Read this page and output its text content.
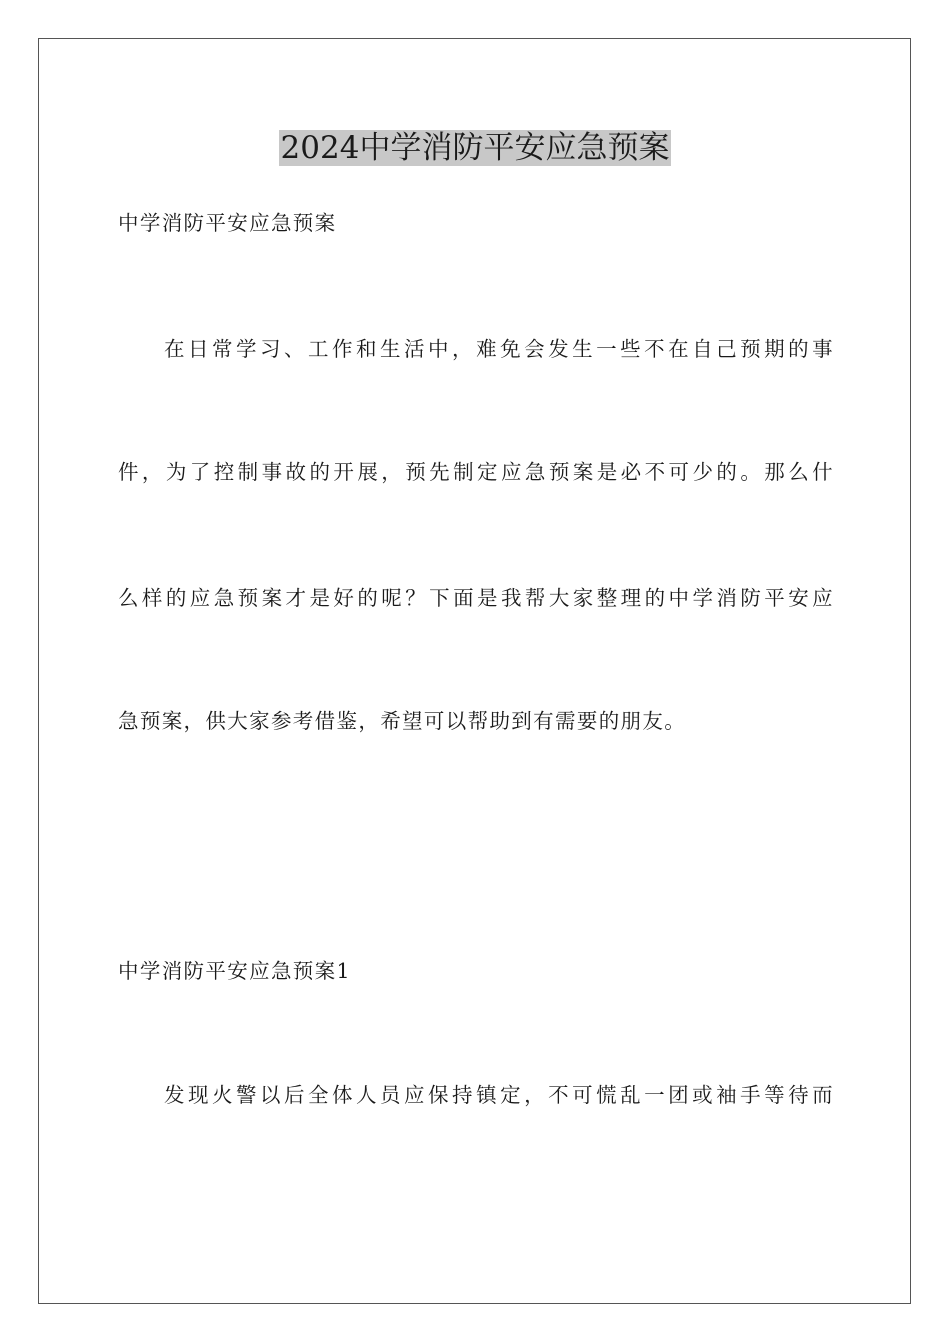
2024中学消防平安应急预案
中学消防平安应急预案
在日常学习、工作和生活中，难免会发生一些不在自己预期的事
件，为了控制事故的开展，预先制定应急预案是必不可少的。那么什
么样的应急预案才是好的呢？下面是我帮大家整理的中学消防平安应
急预案，供大家参考借鉴，希望可以帮助到有需要的朋友。
中学消防平安应急预案1
发现火警以后全体人员应保持镇定，不可慌乱一团或袖手等待而
